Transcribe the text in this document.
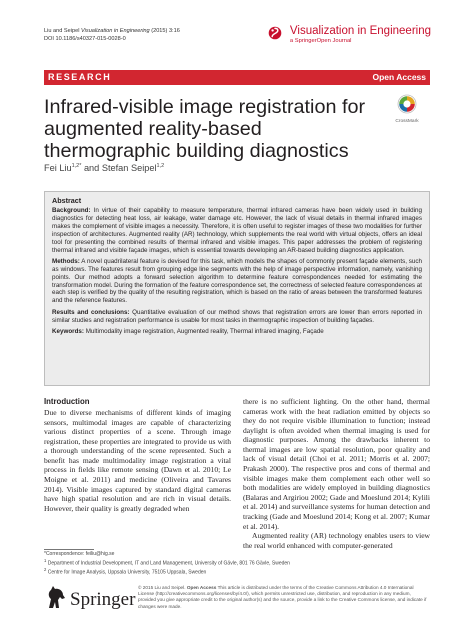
Liu and Seipel Visualization in Engineering (2015) 3:16
DOI 10.1186/s40327-015-0028-0

Visualization in Engineering
a SpringerOpen Journal
RESEARCH	Open Access
CrossMark
Infrared-visible image registration for augmented reality-based thermographic building diagnostics
Fei Liu$^{1,2*}$ and Stefan Seipel$^{1,2}$
Abstract

Background: In virtue of their capability to measure temperature, thermal infrared cameras have been widely used in building diagnostics for detecting heat loss, air leakage, water damage etc. However, the lack of visual details in thermal infrared images makes the complement of visible images a necessity. Therefore, it is often useful to register images of these two modalities for further inspection of architectures. Augmented reality (AR) technology, which supplements the real world with virtual objects, offers an ideal tool for presenting the combined results of thermal infrared and visible images. This paper addresses the problem of registering thermal infrared and visible façade images, which is essential towards developing an AR-based building diagnostics application.

Methods: A novel quadrilateral feature is devised for this task, which models the shapes of commonly present façade elements, such as windows. The features result from grouping edge line segments with the help of image perspective information, namely, vanishing points. Our method adopts a forward selection algorithm to determine feature correspondences needed for estimating the transformation model. During the formation of the feature correspondence set, the correctness of selected feature correspondences at each step is verified by the quality of the resulting registration, which is based on the ratio of areas between the transformed features and the reference features.

Results and conclusions: Quantitative evaluation of our method shows that registration errors are lower than errors reported in similar studies and registration performance is usable for most tasks in thermographic inspection of building façades.

Keywords: Multimodality image registration, Augmented reality, Thermal infrared imaging, Façade

Introduction

Due to diverse mechanisms of different kinds of imaging sensors, multimodal images are capable of characterizing various distinct properties of a scene. Through image registration, these properties are integrated to provide us with a thorough understanding of the scene represented. Such a benefit has made multimodality image registration a vital process in fields like remote sensing (Dawn et al. 2010; Le Moigne et al. 2011) and medicine (Oliveira and Tavares 2014). Visible images captured by standard digital cameras have high spatial resolution and are rich in visual details. However, their quality is greatly degraded when

there is no sufficient lighting. On the other hand, thermal cameras work with the heat radiation emitted by objects so they do not require visible illumination to function; instead daylight is often avoided when thermal imaging is used for diagnostic purposes. Among the drawbacks inherent to thermal images are low spatial resolution, poor quality and lack of visual detail (Choi et al. 2011; Morris et al. 2007; Prakash 2000). The respective pros and cons of thermal and visible images make them complement each other well so both modalities are widely employed in building diagnostics (Balaras and Argiriou 2002; Gade and Moeslund 2014; Kylili et al. 2014) and surveillance systems for human detection and tracking (Gade and Moeslund 2014; Kong et al. 2007; Kumar et al. 2014).

Augmented reality (AR) technology enables users to view the real world enhanced with computer-generated

*Correspondence: feiliu@hig.se
$^1$ Department of Industrial Development, IT and Land Management, University of Gävle, 801 76 Gävle, Sweden
$^2$ Centre for Image Analysis, Uppsala University, 75105 Uppsala, Sweden
Springer
© 2015 Liu and Seipel. Open Access This article is distributed under the terms of the Creative Commons Attribution 4.0 International License (http://creativecommons.org/licenses/by/4.0/), which permits unrestricted use, distribution, and reproduction in any medium, provided you give appropriate credit to the original author(s) and the source, provide a link to the Creative Commons license, and indicate if changes were made.
